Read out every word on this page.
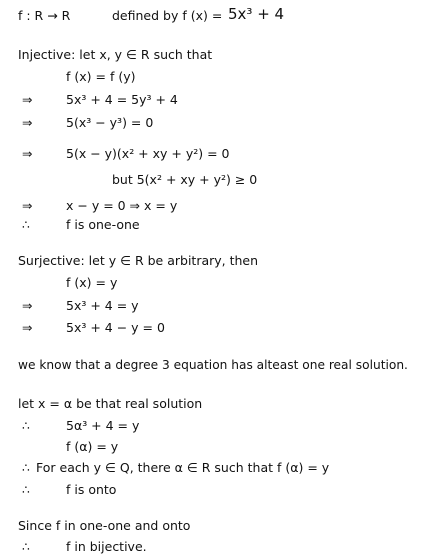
f : R → R	defined by f (x) = 5x³ + 4
Injective: let x, y ∈ R such that
f (x) = f (y)
⇒	5x³ + 4 = 5y³ + 4
⇒	5(x³ − y³) = 0
⇒	5(x − y)(x² + xy + y²) = 0
but 5(x² + xy + y²) ≥ 0
⇒	x − y = 0 ⇒ x = y
∴	f is one-one
Surjective: let y ∈ R be arbitrary, then
f (x) = y
⇒	5x³ + 4 = y
⇒	5x³ + 4 − y = 0
we know that a degree 3 equation has alteast one real solution.
let x = α be that real solution
∴	5α³ + 4 = y
f (α) = y
∴ For each y ∈ Q, there α ∈ R such that f (α) = y
∴	f is onto
Since f in one-one and onto
∴	f in bijective.
